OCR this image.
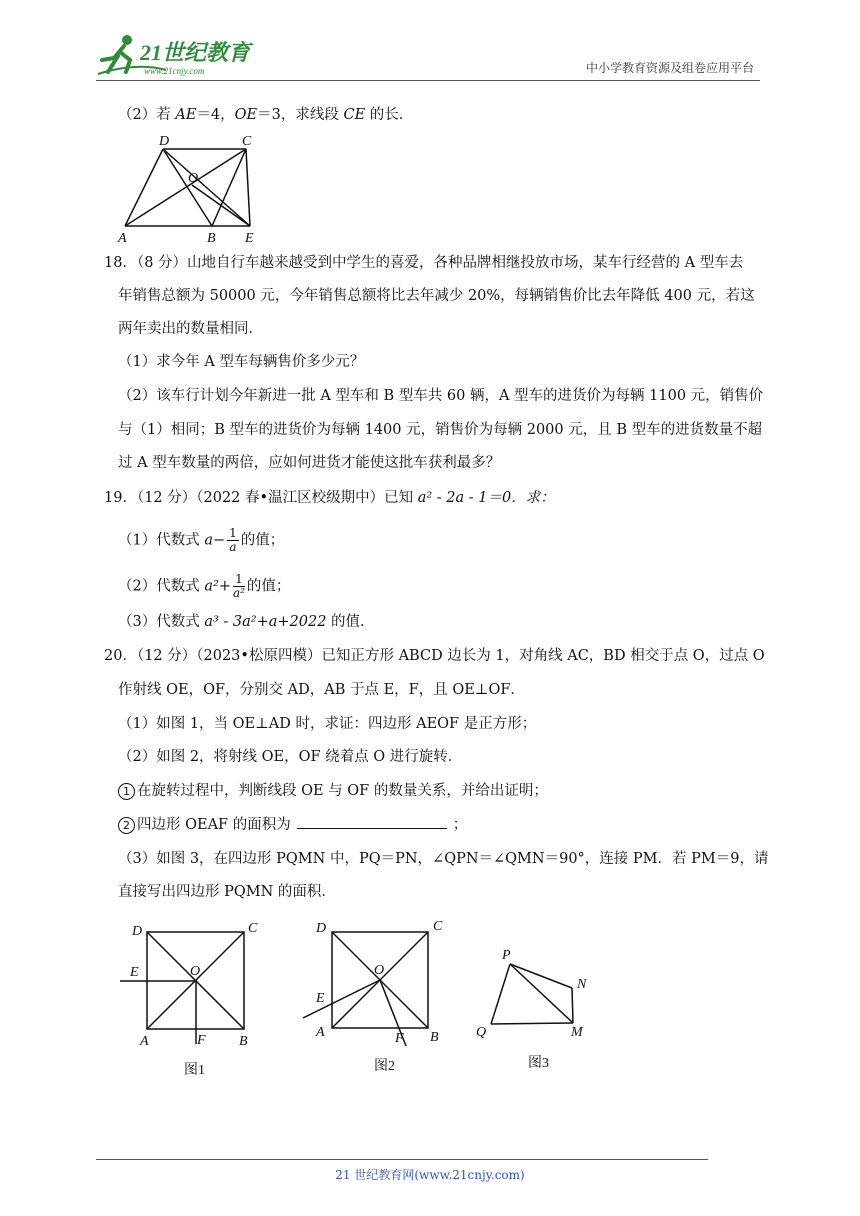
21世纪教育
www.21cnjy.com	中小学教育资源及组卷应用平台
（2）若 AE＝4，OE＝3，求线段 CE 的长．
D	C
O
A	B E
18．（8 分）山地自行车越来越受到中学生的喜爱，各种品牌相继投放市场，某车行经营的 A 型车去
年销售总额为 50000 元，今年销售总额将比去年减少 20%，每辆销售价比去年降低 400 元，若这
两年卖出的数量相同．
（1）求今年 A 型车每辆售价多少元？
（2）该车行计划今年新进一批 A 型车和 B 型车共 60 辆，A 型车的进货价为每辆 1100 元，销售价
与（1）相同；B 型车的进货价为每辆 1400 元，销售价为每辆 2000 元，且 B 型车的进货数量不超
过 A 型车数量的两倍，应如何进货才能使这批车获利最多？
19．（12 分）（2022 春•温江区校级期中）已知 a² - 2a - 1＝0．求：
（1）代数式 $a- \frac{1}{a}$ 的值；
（2）代数式 $a^2+ \frac{1}{\text{a²}}$ 的值；
（3）代数式 a³ - 3a²+a+2022 的值．
20．（12 分）（2023•松原四模）已知正方形 ABCD 边长为 1，对角线 AC，BD 相交于点 O，过点 O
作射线 OE，OF，分别交 AD，AB 于点 E，F，且 OE⊥OF．
（1）如图 1，当 OE⊥AD 时，求证：四边形 AEOF 是正方形；
（2）如图 2，将射线 OE，OF 绕着点 O 进行旋转．
1 在旋转过程中，判断线段 OE 与 OF 的数量关系，并给出证明；
2 四边形 OEAF 的面积为	；
（3）如图 3，在四边形 PQMN 中，PQ＝PN，∠QPN＝∠QMN＝90°，连接 PM．若 PM＝9，请
直接写出四边形 PQMN 的面积．
D	C
E	O
A	F B
图1
D	C
O
E
A	F B
图2
P
N
Q	M
图3
21 世纪教育网(www.21cnjy.com)
